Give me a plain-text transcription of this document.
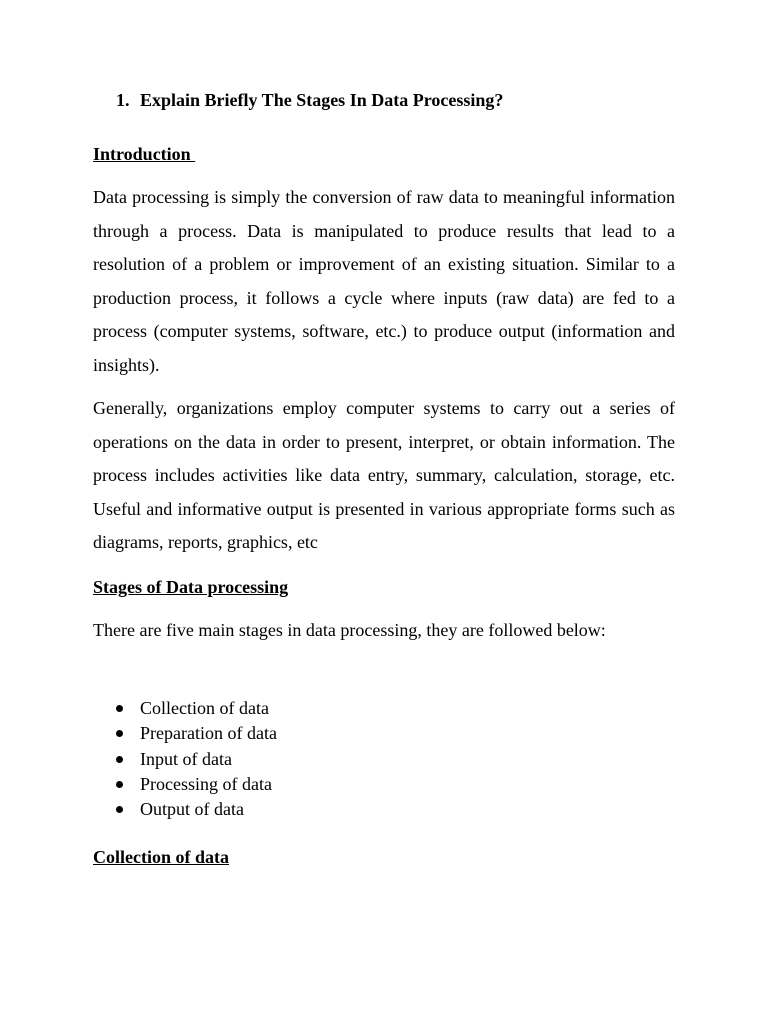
1. Explain Briefly The Stages In Data Processing?
Introduction

Data processing is simply the conversion of raw data to meaningful information through a process. Data is manipulated to produce results that lead to a resolution of a problem or improvement of an existing situation. Similar to a production process, it follows a cycle where inputs (raw data) are fed to a process (computer systems, software, etc.) to produce output (information and insights).

Generally, organizations employ computer systems to carry out a series of operations on the data in order to present, interpret, or obtain information. The process includes activities like data entry, summary, calculation, storage, etc. Useful and informative output is presented in various appropriate forms such as diagrams, reports, graphics, etc

Stages of Data processing

There are five main stages in data processing, they are followed below:

Collection of data
Preparation of data
Input of data
Processing of data
Output of data
Collection of data
